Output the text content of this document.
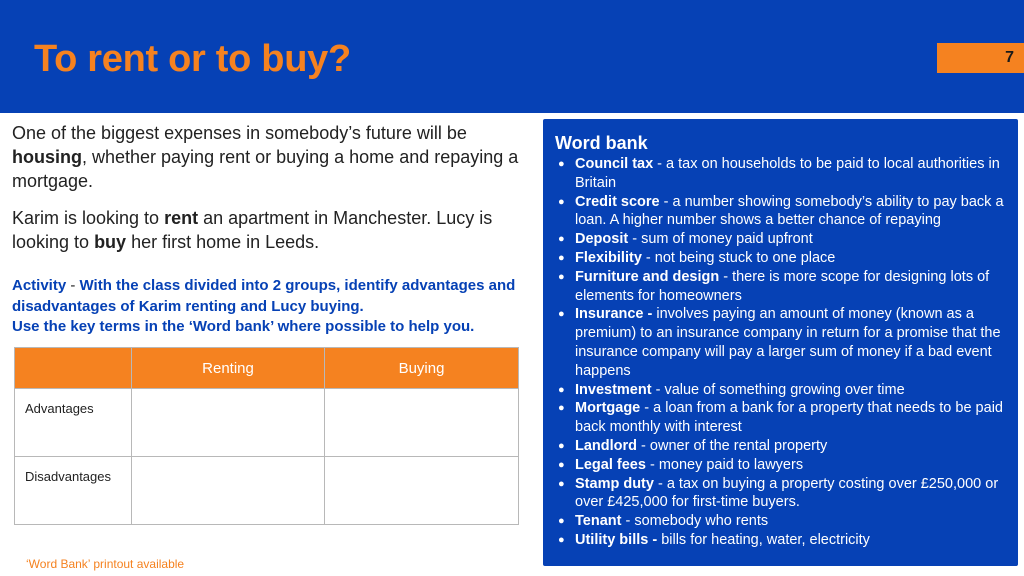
To rent or to buy?	7
One of the biggest expenses in somebody’s future will be housing, whether paying rent or buying a home and repaying a mortgage.
Karim is looking to rent an apartment in Manchester. Lucy is looking to buy her first home in Leeds.
Activity - With the class divided into 2 groups, identify advantages and disadvantages of Karim renting and Lucy buying.
Use the key terms in the ‘Word bank’ where possible to help you.
	Renting	Buying
Advantages		
Disadvantages		
‘Word Bank’ printout available
Word bank
● Council tax - a tax on households to be paid to local authorities in Britain
● Credit score - a number showing somebody’s ability to pay back a loan. A higher number shows a better chance of repaying
● Deposit - sum of money paid upfront
● Flexibility - not being stuck to one place
● Furniture and design - there is more scope for designing lots of elements for homeowners
● Insurance - involves paying an amount of money (known as a premium) to an insurance company in return for a promise that the insurance company will pay a larger sum of money if a bad event happens
● Investment - value of something growing over time
● Mortgage - a loan from a bank for a property that needs to be paid back monthly with interest
● Landlord - owner of the rental property
● Legal fees - money paid to lawyers
● Stamp duty - a tax on buying a property costing over £250,000 or over £425,000 for first-time buyers.
● Tenant - somebody who rents
● Utility bills - bills for heating, water, electricity
